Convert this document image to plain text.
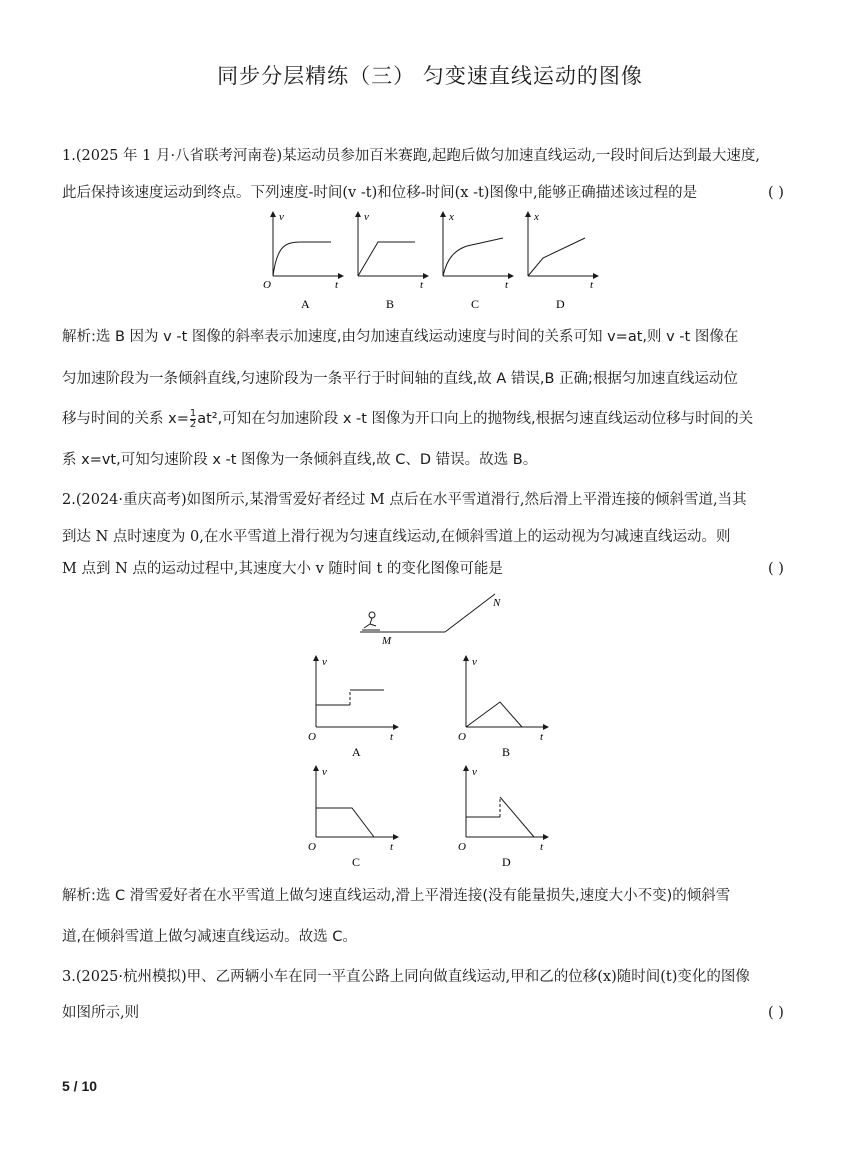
同步分层精练（三） 匀变速直线运动的图像
1.(2025 年 1 月·八省联考河南卷)某运动员参加百米赛跑,起跑后做匀加速直线运动,一段时间后达到最大速度,
此后保持该速度运动到终点。下列速度-时间(v -t)和位移-时间(x -t)图像中,能够正确描述该过程的是	( )
v
O	t
A
v
t
B
x
t
C
x
t
D
解析:选 B 因为 v -t 图像的斜率表示加速度,由匀加速直线运动速度与时间的关系可知 v=at,则 v -t 图像在
匀加速阶段为一条倾斜直线,匀速阶段为一条平行于时间轴的直线,故 A 错误,B 正确;根据匀加速直线运动位
移与时间的关系 $x= \frac{1}{2} at^2$,可知在匀加速阶段 x -t 图像为开口向上的抛物线,根据匀速直线运动位移与时间的关
系 x=vt,可知匀速阶段 x -t 图像为一条倾斜直线,故 C、D 错误。故选 B。
2.(2024·重庆高考)如图所示,某滑雪爱好者经过 M 点后在水平雪道滑行,然后滑上平滑连接的倾斜雪道,当其
到达 N 点时速度为 0,在水平雪道上滑行视为匀速直线运动,在倾斜雪道上的运动视为匀减速直线运动。则
M 点到 N 点的运动过程中,其速度大小 v 随时间 t 的变化图像可能是	( )
M
N
v
O	t
A
v
O	t
B
v
O	t
C
v
O	t
D
解析:选 C 滑雪爱好者在水平雪道上做匀速直线运动,滑上平滑连接(没有能量损失,速度大小不变)的倾斜雪
道,在倾斜雪道上做匀减速直线运动。故选 C。
3.(2025·杭州模拟)甲、乙两辆小车在同一平直公路上同向做直线运动,甲和乙的位移(x)随时间(t)变化的图像
如图所示,则	( )
5 / 10
